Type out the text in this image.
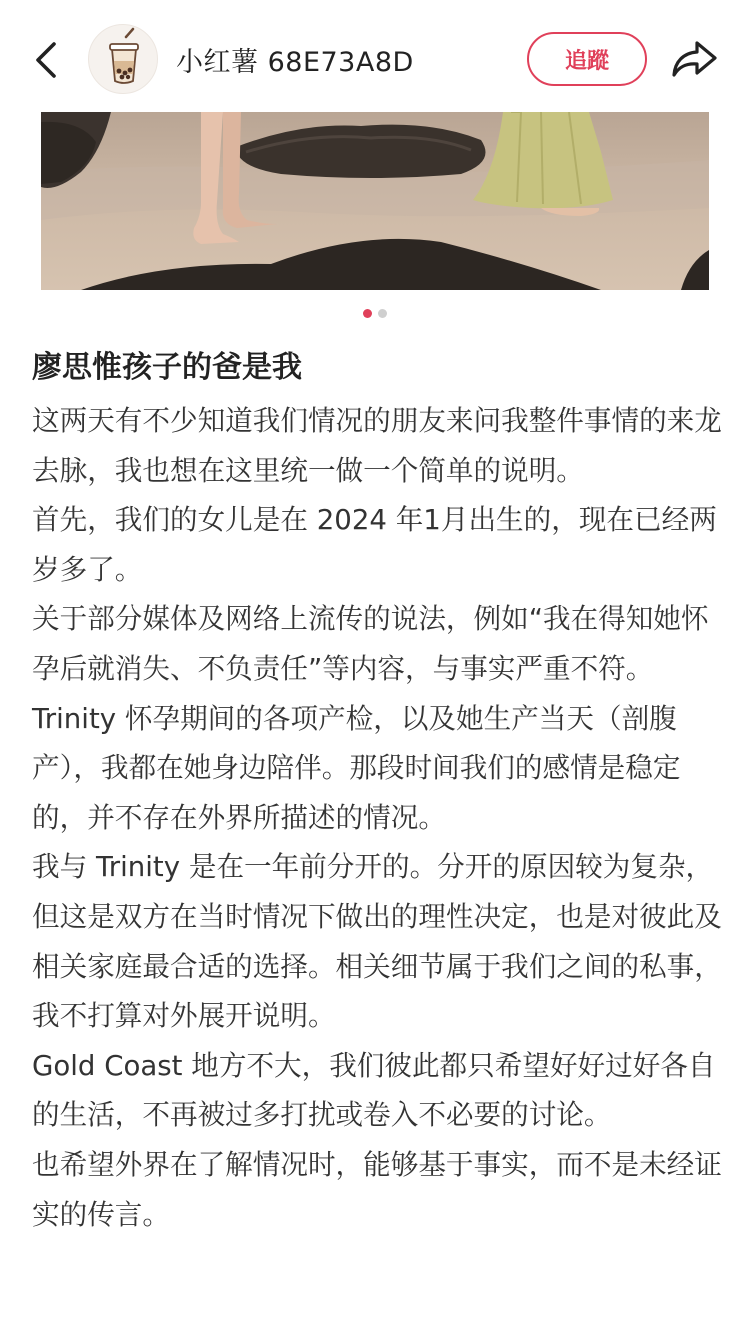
小红薯 68E73A8D	追蹤
廖思惟孩子的爸是我
这两天有不少知道我们情况的朋友来问我整件事情的来龙去脉，我也想在这里统一做一个简单的说明。
首先，我们的女儿是在 2024 年1月出生的，现在已经两岁多了。
关于部分媒体及网络上流传的说法，例如“我在得知她怀孕后就消失、不负责任”等内容，与事实严重不符。Trinity 怀孕期间的各项产检，以及她生产当天（剖腹产），我都在她身边陪伴。那段时间我们的感情是稳定的，并不存在外界所描述的情况。
我与 Trinity 是在一年前分开的。分开的原因较为复杂，但这是双方在当时情况下做出的理性决定，也是对彼此及相关家庭最合适的选择。相关细节属于我们之间的私事，我不打算对外展开说明。
Gold Coast 地方不大，我们彼此都只希望好好过好各自的生活，不再被过多打扰或卷入不必要的讨论。
也希望外界在了解情况时，能够基于事实，而不是未经证实的传言。
